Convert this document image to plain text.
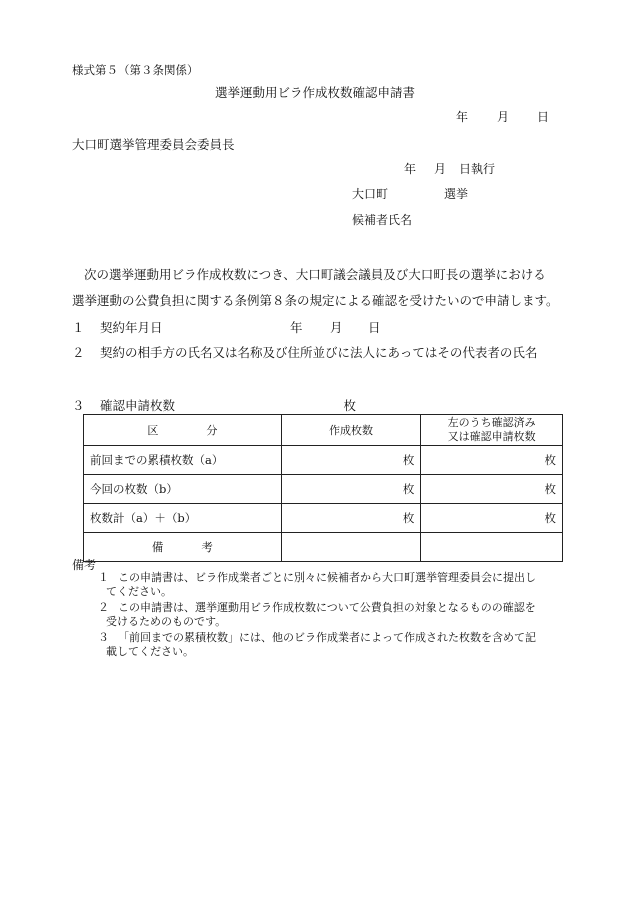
様式第５（第３条関係）
選挙運動用ビラ作成枚数確認申請書
年 月 日
大口町選挙管理委員会委員長
年 月 日執行
大口町	選挙
候補者氏名

次の選挙運動用ビラ作成枚数につき、大口町議会議員及び大口町長の選挙における

選挙運動の公費負担に関する条例第８条の規定による確認を受けたいので申請します。

１ 契約年月日	年 月 日
２ 契約の相手方の氏名又は名称及び住所並びに法人にあってはその代表者の氏名
３ 確認申請枚数	枚
区 分	作成枚数	左のうち確認済み
又は確認申請枚数

前回までの累積枚数（a）	枚	枚
今回の枚数（b）	枚	枚
枚数計（a）＋（b）	枚	枚
備 考		
備考
１ この申請書は、ビラ作成業者ごとに別々に候補者から大口町選挙管理委員会に提出し
てください。
２ この申請書は、選挙運動用ビラ作成枚数について公費負担の対象となるものの確認を
受けるためのものです。
３ 「前回までの累積枚数」には、他のビラ作成業者によって作成された枚数を含めて記
載してください。
